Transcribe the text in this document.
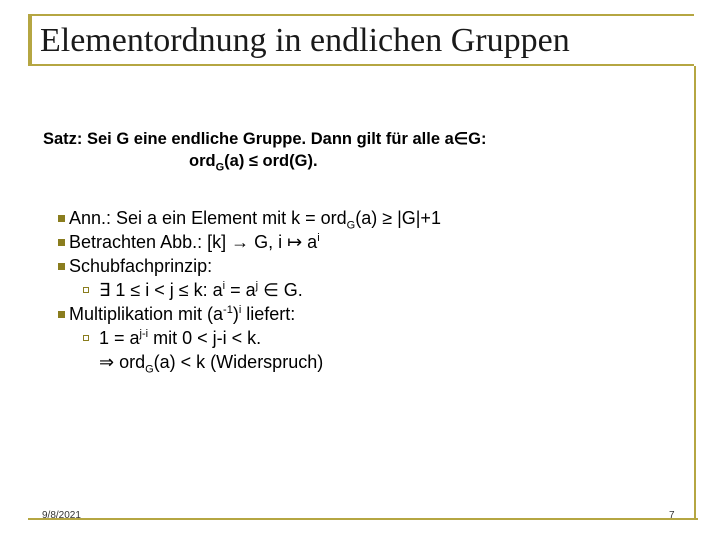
Elementordnung in endlichen Gruppen
Satz: Sei G eine endliche Gruppe. Dann gilt für alle a∈G:
ord$_G$(a) ≤ ord(G).
Ann.: Sei a ein Element mit k = ord$_G$(a) ≥ |G|+1
Betrachten Abb.: [k] → G, i ↦ $a^i$
Schubfachprinzip:
∃ 1 ≤ i < j ≤ k: $a^i = a^j$ ∈ G.
Multiplikation mit $(a^{-1})^i$ liefert:
$1 = a^{j-i}$ mit 0 < j-i < k.
⇒ ord$_G$(a) < k (Widerspruch)
9/8/2021	7
